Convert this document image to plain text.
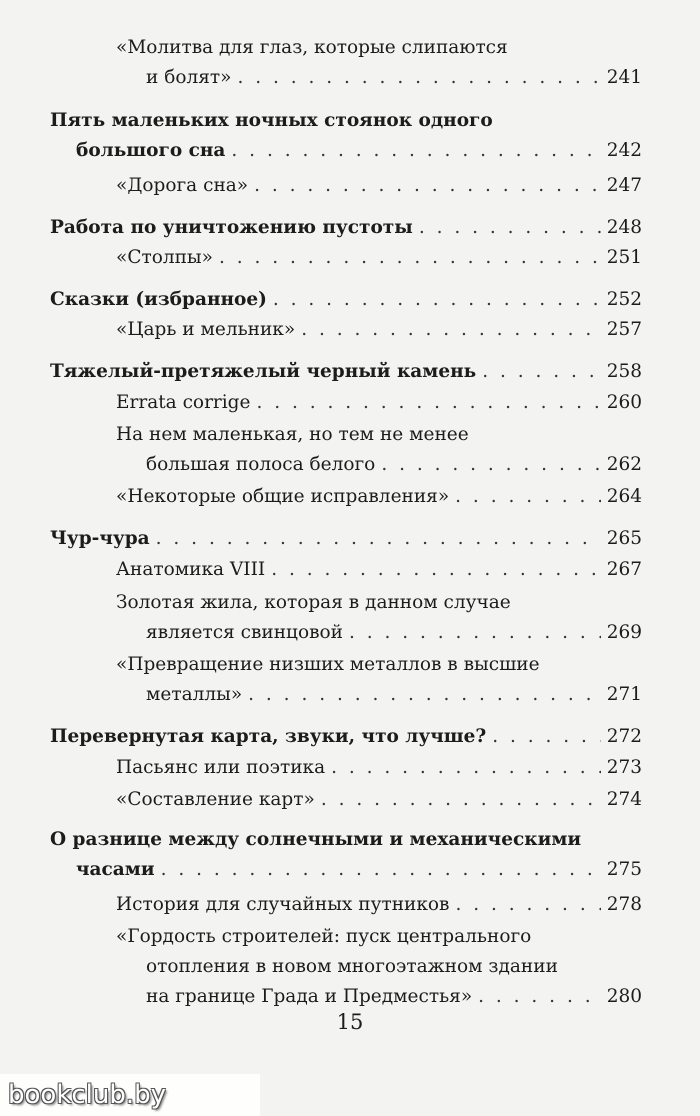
«Молитва для глаз, которые слипаются
и болят» . . .	241
Пять маленьких ночных стоянок одного
большого сна . . .	242
«Дорога сна» . . .	247
Работа по уничтожению пустоты . . .	248
«Столпы» . . .	251
Сказки (избранное) . . .	252
«Царь и мельник» . . .	257
Тяжелый-претяжелый черный камень . . .	258
Errata corrige . . .	260
На нем маленькая, но тем не менее
большая полоса белого . . .	262
«Некоторые общие исправления» . . .	264
Чур-чура . . .	265
Анатомика VIII . . .	267
Золотая жила, которая в данном случае
является свинцовой . . .	269
«Превращение низших металлов в высшие
металлы» . . .	271
Перевернутая карта, звуки, что лучше? . . .	272
Пасьянс или поэтика . . .	273
«Составление карт» . . .	274
О разнице между солнечными и механическими
часами . . .	275
История для случайных путников . . .	278
«Гордость строителей: пуск центрального
отопления в новом многоэтажном здании
на границе Града и Предместья» . . .	280
15
bookclub.by
